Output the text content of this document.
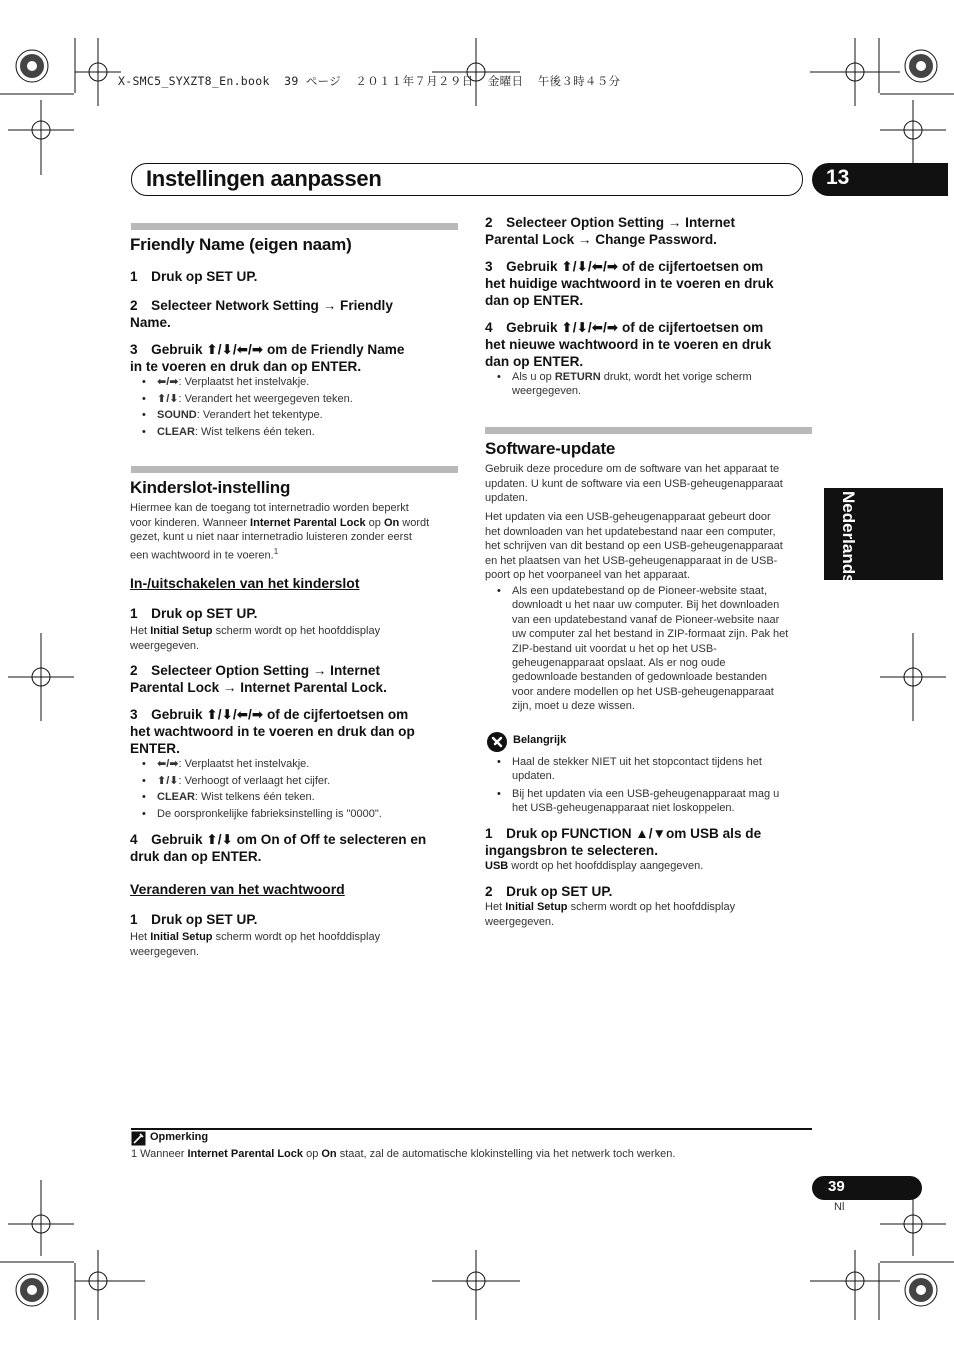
X-SMC5_SYXZT8_En.book  39 ページ  ２０１１年７月２９日  金曜日  午後３時４５分
Instellingen aanpassen	13
Nederlands
Friendly Name (eigen naam)
1 Druk op SET UP.
2 Selecteer Network Setting → Friendly
Name.
3 Gebruik ⬆/⬇/⬅/➡ om de Friendly Name
in te voeren en druk dan op ENTER.
• ⬅/➡: Verplaatst het instelvakje.
• ⬆/⬇: Verandert het weergegeven teken.
• SOUND: Verandert het tekentype.
• CLEAR: Wist telkens één teken.
Kinderslot-instelling
Hiermee kan de toegang tot internetradio worden beperkt
voor kinderen. Wanneer Internet Parental Lock op On wordt
gezet, kunt u niet naar internetradio luisteren zonder eerst
een wachtwoord in te voeren.$^1$
In-/uitschakelen van het kinderslot
1 Druk op SET UP.
Het Initial Setup scherm wordt op het hoofddisplay
weergegeven.
2 Selecteer Option Setting → Internet
Parental Lock → Internet Parental Lock.
3 Gebruik ⬆/⬇/⬅/➡ of de cijfertoetsen om
het wachtwoord in te voeren en druk dan op
ENTER.
• ⬅/➡: Verplaatst het instelvakje.
• ⬆/⬇: Verhoogt of verlaagt het cijfer.
• CLEAR: Wist telkens één teken.
• De oorspronkelijke fabrieksinstelling is "0000".
4 Gebruik ⬆/⬇ om On of Off te selecteren en
druk dan op ENTER.
Veranderen van het wachtwoord
1 Druk op SET UP.
Het Initial Setup scherm wordt op het hoofddisplay
weergegeven.
2 Selecteer Option Setting → Internet
Parental Lock → Change Password.
3 Gebruik ⬆/⬇/⬅/➡ of de cijfertoetsen om
het huidige wachtwoord in te voeren en druk
dan op ENTER.
4 Gebruik ⬆/⬇/⬅/➡ of de cijfertoetsen om
het nieuwe wachtwoord in te voeren en druk
dan op ENTER.
• Als u op RETURN drukt, wordt het vorige scherm
weergegeven.
Software-update
Gebruik deze procedure om de software van het apparaat te
updaten. U kunt de software via een USB-geheugenapparaat
updaten.
Het updaten via een USB-geheugenapparaat gebeurt door
het downloaden van het updatebestand naar een computer,
het schrijven van dit bestand op een USB-geheugenapparaat
en het plaatsen van het USB-geheugenapparaat in de USB-
poort op het voorpaneel van het apparaat.
• Als een updatebestand op de Pioneer-website staat,
downloadt u het naar uw computer. Bij het downloaden
van een updatebestand vanaf de Pioneer-website naar
uw computer zal het bestand in ZIP-formaat zijn. Pak het
ZIP-bestand uit voordat u het op het USB-
geheugenapparaat opslaat. Als er nog oude
gedownloade bestanden of gedownloade bestanden
voor andere modellen op het USB-geheugenapparaat
zijn, moet u deze wissen.
Belangrijk
• Haal de stekker NIET uit het stopcontact tijdens het
updaten.
• Bij het updaten via een USB-geheugenapparaat mag u
het USB-geheugenapparaat niet loskoppelen.
1 Druk op FUNCTION ▲/▼om USB als de
ingangsbron te selecteren.
USB wordt op het hoofddisplay aangegeven.
2 Druk op SET UP.
Het Initial Setup scherm wordt op het hoofddisplay
weergegeven.
Opmerking
1 Wanneer Internet Parental Lock op On staat, zal de automatische klokinstelling via het netwerk toch werken.
39
Nl
